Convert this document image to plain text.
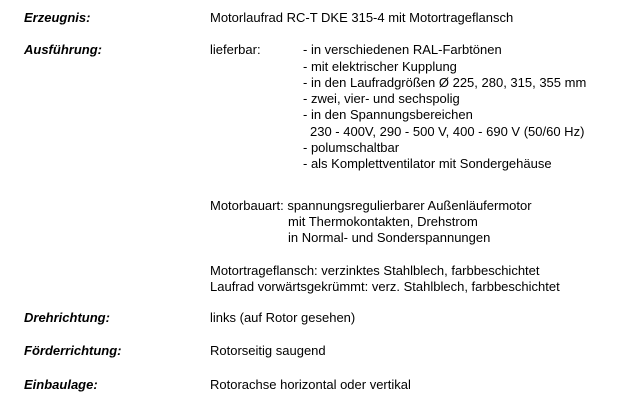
Erzeugnis:	Motorlaufrad RC-T DKE 315-4 mit Motortrageflansch
Ausführung:	lieferbar:	- in verschiedenen RAL-Farbtönen
- mit elektrischer Kupplung
- in den Laufradgrößen Ø 225, 280, 315, 355 mm
- zwei, vier- und sechspolig
- in den Spannungsbereichen
230 - 400V, 290 - 500 V, 400 - 690 V (50/60 Hz)
- polumschaltbar
- als Komplettventilator mit Sondergehäuse
Motorbauart: spannungsregulierbarer Außenläufermotor
mit Thermokontakten, Drehstrom
in Normal- und Sonderspannungen
Motortrageflansch: verzinktes Stahlblech, farbbeschichtet
Laufrad vorwärtsgekrümmt: verz. Stahlblech, farbbeschichtet
Drehrichtung:	links (auf Rotor gesehen)
Förderrichtung:	Rotorseitig saugend
Einbaulage:	Rotorachse horizontal oder vertikal
